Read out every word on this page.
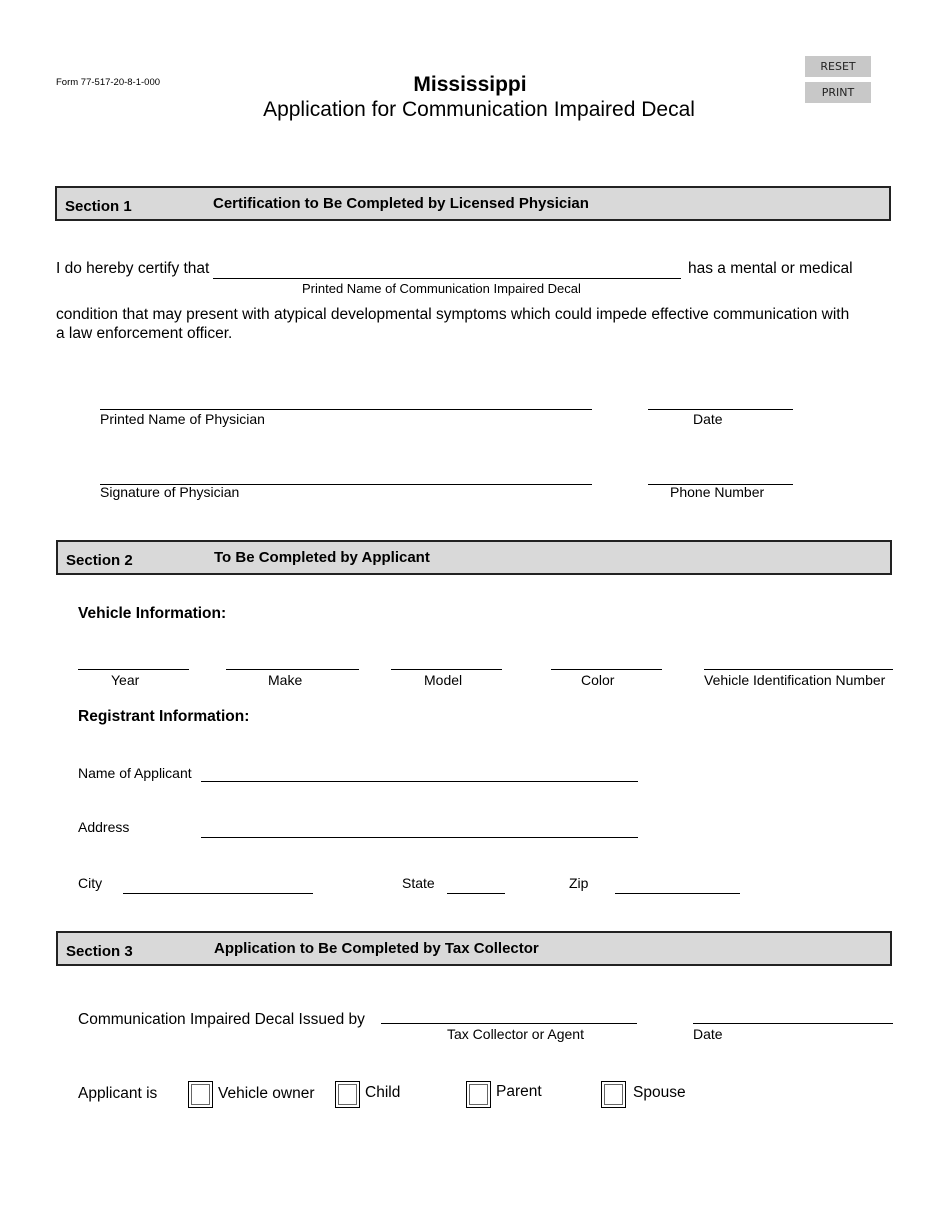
Form 77-517-20-8-1-000	Mississippi
Application for Communication Impaired Decal
RESET
PRINT
Section 1	Certification to Be Completed by Licensed Physician
I do hereby certify that	has a mental or medical
Printed Name of Communication Impaired Decal
condition that may present with atypical developmental symptoms which could impede effective communication with
a law enforcement officer.
Printed Name of Physician	Date
Signature of Physician	Phone Number
Section 2	To Be Completed by Applicant
Vehicle Information:
Year	Make	Model	Color	Vehicle Identification Number
Registrant Information:
Name of Applicant
Address
City	State	Zip
Section 3	Application to Be Completed by Tax Collector
Communication Impaired Decal Issued by
Tax Collector or Agent	Date
Applicant is	Vehicle owner	Child	Parent	Spouse
